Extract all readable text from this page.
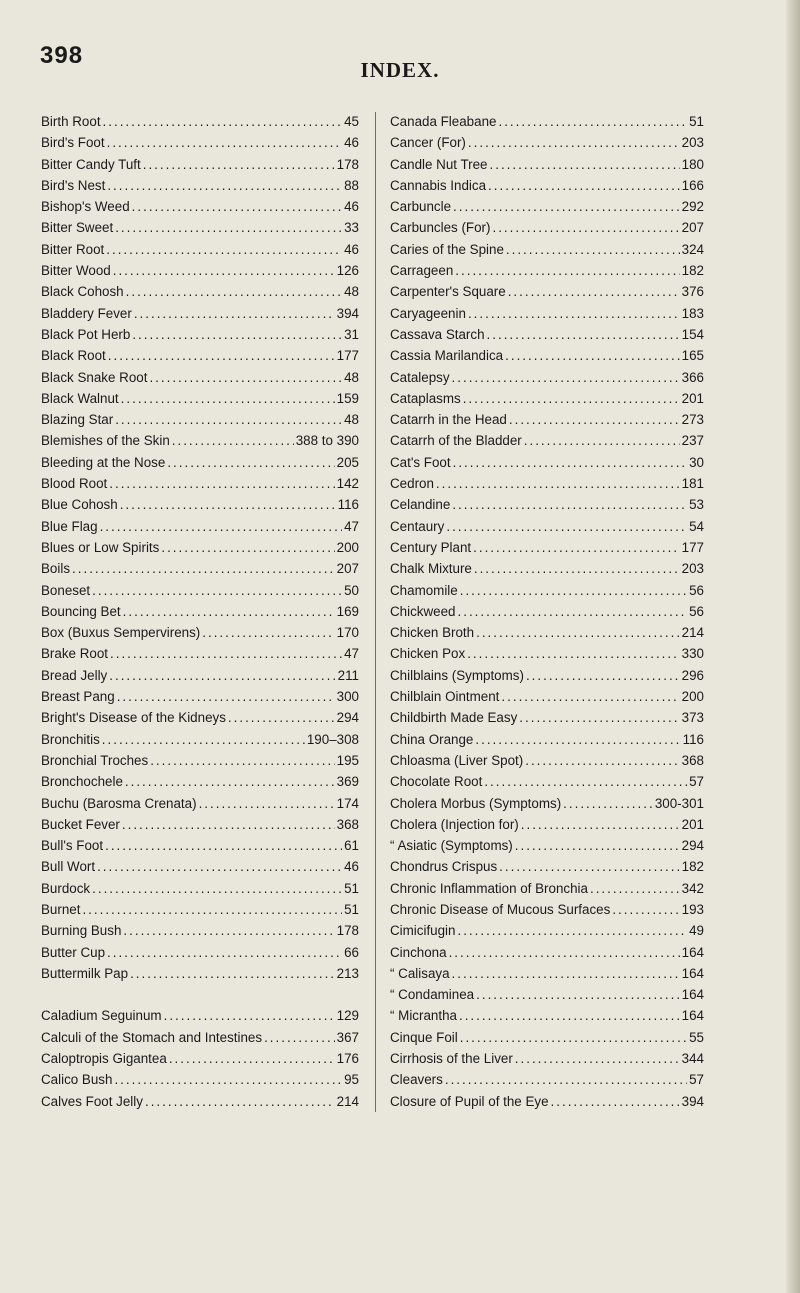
398
INDEX.
Birth Root .....	45
Bird's Foot .....	46
Bitter Candy Tuft .....	178
Bird's Nest .....	88
Bishop's Weed .....	46
Bitter Sweet .....	33
Bitter Root .....	46
Bitter Wood .....	126
Black Cohosh .....	48
Bladdery Fever .....	394
Black Pot Herb .....	31
Black Root .....	177
Black Snake Root .....	48
Black Walnut .....	159
Blazing Star .....	48
Blemishes of the Skin .....	388 to 390
Bleeding at the Nose .....	205
Blood Root .....	142
Blue Cohosh .....	116
Blue Flag .....	47
Blues or Low Spirits .....	200
Boils .....	207
Boneset .....	50
Bouncing Bet .....	169
Box (Buxus Sempervirens) .....	170
Brake Root .....	47
Bread Jelly .....	211
Breast Pang .....	300
Bright's Disease of the Kidneys .....	294
Bronchitis .....	190–308
Bronchial Troches .....	195
Bronchochele .....	369
Buchu (Barosma Crenata) .....	174
Bucket Fever .....	368
Bull's Foot .....	61
Bull Wort .....	46
Burdock .....	51
Burnet .....	51
Burning Bush .....	178
Butter Cup .....	66
Buttermilk Pap .....	213
Caladium Seguinum .....	129
Calculi of the Stomach and Intestines .....	367
Caloptropis Gigantea .....	176
Calico Bush .....	95
Calves Foot Jelly .....	214
Canada Fleabane .....	51
Cancer (For) .....	203
Candle Nut Tree .....	180
Cannabis Indica .....	166
Carbuncle .....	292
Carbuncles (For) .....	207
Caries of the Spine .....	324
Carrageen .....	182
Carpenter's Square .....	376
Caryageenin .....	183
Cassava Starch .....	154
Cassia Marilandica .....	165
Catalepsy .....	366
Cataplasms .....	201
Catarrh in the Head .....	273
Catarrh of the Bladder .....	237
Cat's Foot .....	30
Cedron .....	181
Celandine .....	53
Centaury .....	54
Century Plant .....	177
Chalk Mixture .....	203
Chamomile .....	56
Chickweed .....	56
Chicken Broth .....	214
Chicken Pox .....	330
Chilblains (Symptoms) .....	296
Chilblain Ointment .....	200
Childbirth Made Easy .....	373
China Orange .....	116
Chloasma (Liver Spot) .....	368
Chocolate Root .....	57
Cholera Morbus (Symptoms) .....	300-301
Cholera (Injection for) .....	201
“ Asiatic (Symptoms) .....	294
Chondrus Crispus .....	182
Chronic Inflammation of Bronchia .....	342
Chronic Disease of Mucous Surfaces .....	193
Cimicifugin .....	49
Cinchona .....	164
“ Calisaya .....	164
“ Condaminea .....	164
“ Micrantha .....	164
Cinque Foil .....	55
Cirrhosis of the Liver .....	344
Cleavers .....	57
Closure of Pupil of the Eye .....	394
